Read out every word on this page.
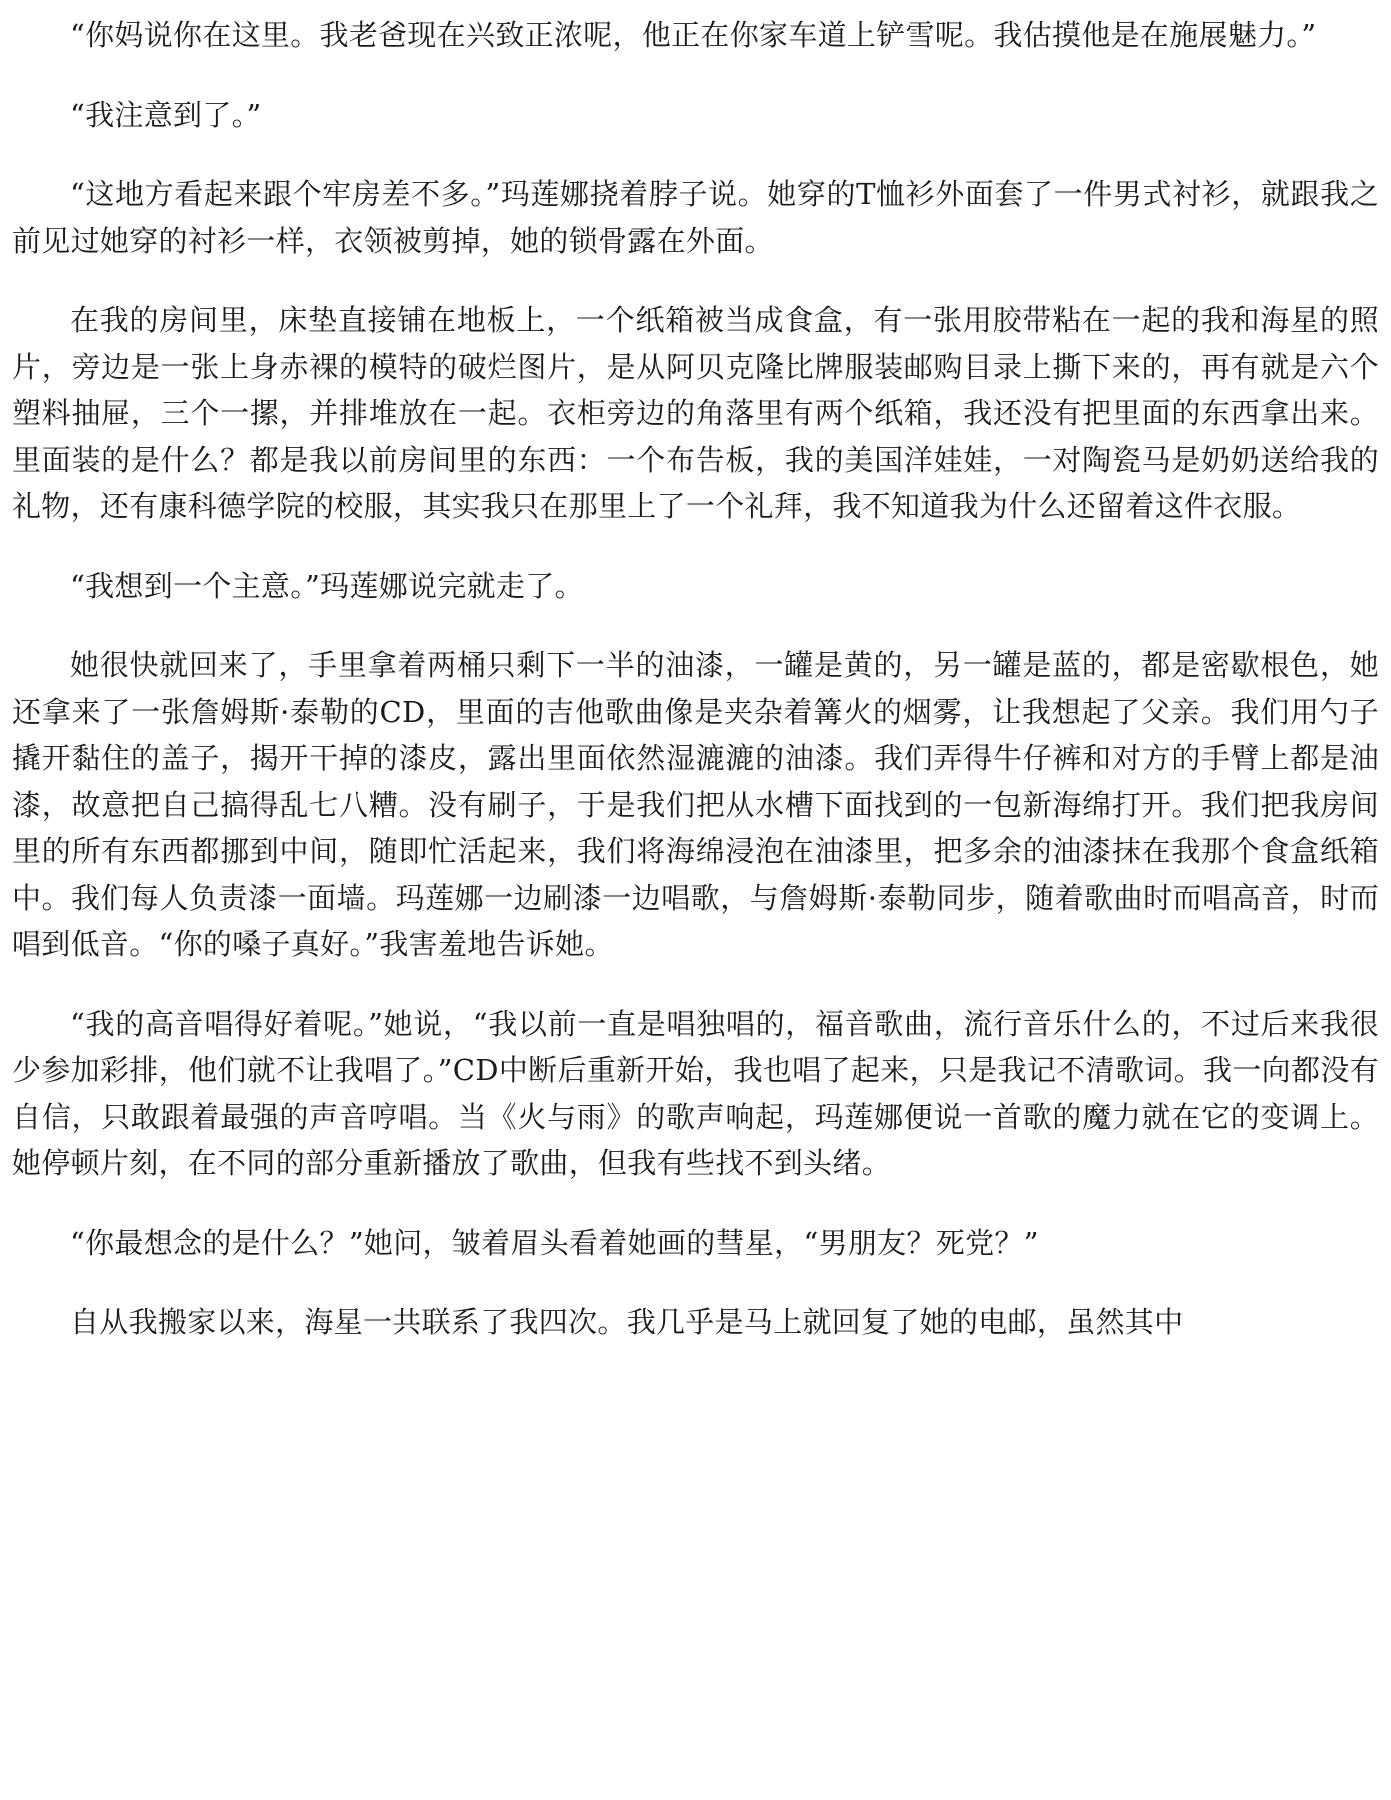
“你妈说你在这里。我老爸现在兴致正浓呢，他正在你家车道上铲雪呢。我估摸他是在施展魅力。”

“我注意到了。”

“这地方看起来跟个牢房差不多。”玛莲娜挠着脖子说。她穿的T恤衫外面套了一件男式衬衫，就跟我之前见过她穿的衬衫一样，衣领被剪掉，她的锁骨露在外面。

在我的房间里，床垫直接铺在地板上，一个纸箱被当成食盒，有一张用胶带粘在一起的我和海星的照片，旁边是一张上身赤裸的模特的破烂图片，是从阿贝克隆比牌服装邮购目录上撕下来的，再有就是六个塑料抽屉，三个一摞，并排堆放在一起。衣柜旁边的角落里有两个纸箱，我还没有把里面的东西拿出来。里面装的是什么？都是我以前房间里的东西：一个布告板，我的美国洋娃娃，一对陶瓷马是奶奶送给我的礼物，还有康科德学院的校服，其实我只在那里上了一个礼拜，我不知道我为什么还留着这件衣服。

“我想到一个主意。”玛莲娜说完就走了。

她很快就回来了，手里拿着两桶只剩下一半的油漆，一罐是黄的，另一罐是蓝的，都是密歇根色，她还拿来了一张詹姆斯·泰勒的CD，里面的吉他歌曲像是夹杂着篝火的烟雾，让我想起了父亲。我们用勺子撬开黏住的盖子，揭开干掉的漆皮，露出里面依然湿漉漉的油漆。我们弄得牛仔裤和对方的手臂上都是油漆，故意把自己搞得乱七八糟。没有刷子，于是我们把从水槽下面找到的一包新海绵打开。我们把我房间里的所有东西都挪到中间，随即忙活起来，我们将海绵浸泡在油漆里，把多余的油漆抹在我那个食盒纸箱中。我们每人负责漆一面墙。玛莲娜一边刷漆一边唱歌，与詹姆斯·泰勒同步，随着歌曲时而唱高音，时而唱到低音。“你的嗓子真好。”我害羞地告诉她。

“我的高音唱得好着呢。”她说，“我以前一直是唱独唱的，福音歌曲，流行音乐什么的，不过后来我很少参加彩排，他们就不让我唱了。”CD中断后重新开始，我也唱了起来，只是我记不清歌词。我一向都没有自信，只敢跟着最强的声音哼唱。当《火与雨》的歌声响起，玛莲娜便说一首歌的魔力就在它的变调上。她停顿片刻，在不同的部分重新播放了歌曲，但我有些找不到头绪。

“你最想念的是什么？”她问，皱着眉头看着她画的彗星，“男朋友？死党？”

自从我搬家以来，海星一共联系了我四次。我几乎是马上就回复了她的电邮，虽然其中
